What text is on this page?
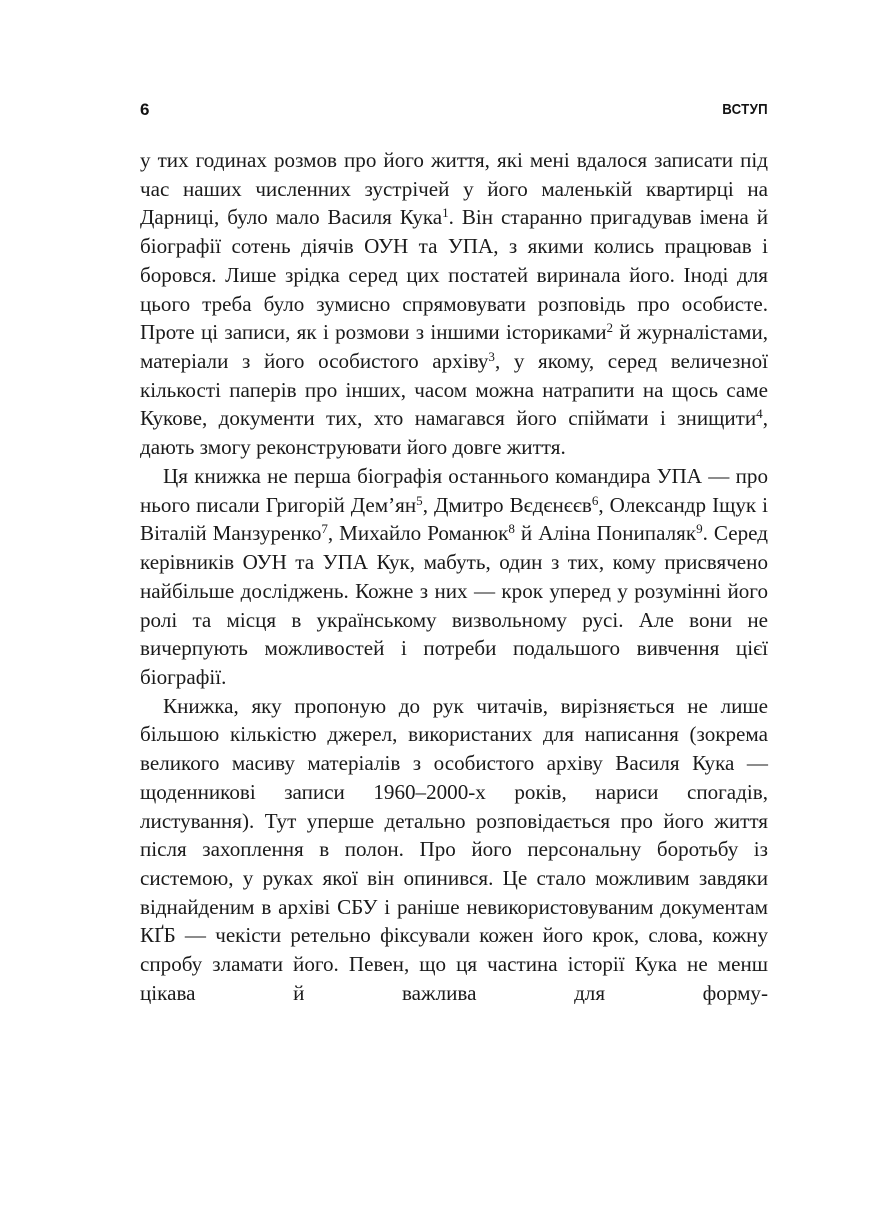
6	ВСТУП

у тих годинах розмов про його життя, які мені вдалося записати під час наших численних зустрічей у його маленькій квартирці на Дарниці, було мало Василя Кука$^1$. Він старанно пригадував імена й біографії сотень діячів ОУН та УПА, з якими колись працював і боровся. Лише зрідка серед цих постатей виринала його. Іноді для цього треба було зумисно спрямовувати розповідь про особисте. Проте ці записи, як і розмови з іншими істориками$^2$ й журналістами, матеріали з його особистого архіву$^3$, у якому, серед величезної кількості паперів про інших, часом можна натрапити на щось саме Кукове, документи тих, хто намагався його спіймати і знищити$^4$, дають змогу реконструювати його довге життя.

Ця книжка не перша біографія останнього командира УПА — про нього писали Григорій $Дем’ян^5$, Дмитро Вєдєнєєв$^6$, Олександр Іщук і Віталій Манзуренко$^7$, Михайло Романюк$^8$ й Аліна Понипаляк$^9$. Серед керівників ОУН та УПА Кук, мабуть, один з тих, кому присвячено найбільше досліджень. Кожне з них — крок уперед у розумінні його ролі та місця в українському визвольному русі. Але вони не вичерпують можливостей і потреби подальшого вивчення цієї біографії.

Книжка, яку пропоную до рук читачів, вирізняється не лише більшою кількістю джерел, використаних для написання (зокрема великого масиву матеріалів з особистого архіву Василя Кука — щоденникові записи 1960–2000-х років, нариси спогадів, листування). Тут уперше детально розповідається про його життя після захоплення в полон. Про його персональну боротьбу із системою, у руках якої він опинився. Це стало можливим завдяки віднайденим в архіві СБУ і раніше невикористовуваним документам КҐБ — чекісти ретельно фіксували кожен його крок, слова, кожну спробу зламати його. Певен, що ця частина історії Кука не менш цікава й важлива для форму-
